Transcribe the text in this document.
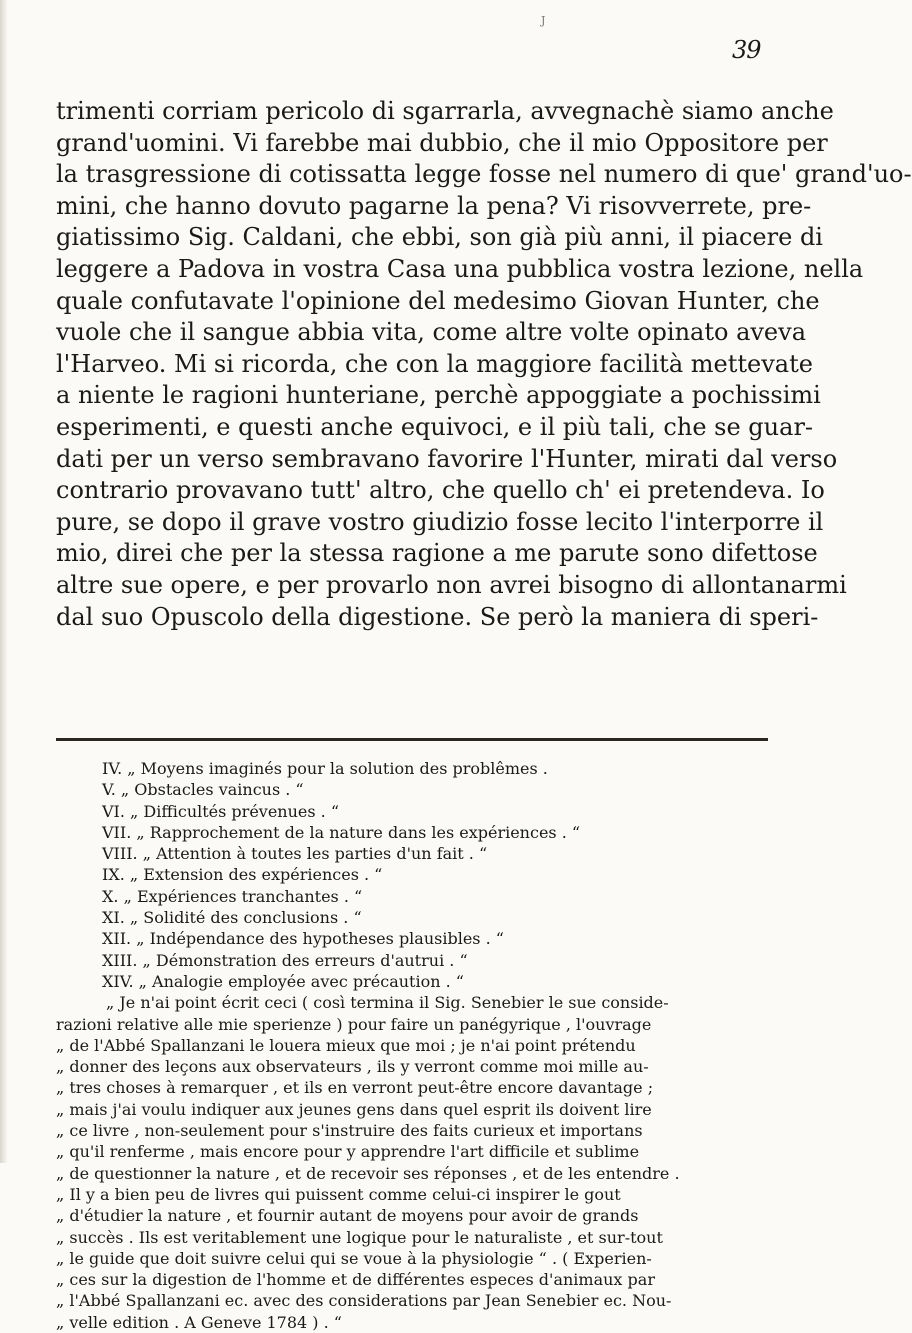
J
39
trimenti corriam pericolo di sgarrarla, avvegnachè siamo anche
grand'uomini. Vi farebbe mai dubbio, che il mio Oppositore per
la trasgressione di cotissatta legge fosse nel numero di que' grand'uo-
mini, che hanno dovuto pagarne la pena? Vi risovverrete, pre-
giatissimo Sig. Caldani, che ebbi, son già più anni, il piacere di
leggere a Padova in vostra Casa una pubblica vostra lezione, nella
quale confutavate l'opinione del medesimo Giovan Hunter, che
vuole che il sangue abbia vita, come altre volte opinato aveva
l'Harveo. Mi si ricorda, che con la maggiore facilità mettevate
a niente le ragioni hunteriane, perchè appoggiate a pochissimi
esperimenti, e questi anche equivoci, e il più tali, che se guar-
dati per un verso sembravano favorire l'Hunter, mirati dal verso
contrario provavano tutt' altro, che quello ch' ei pretendeva. Io
pure, se dopo il grave vostro giudizio fosse lecito l'interporre il
mio, direi che per la stessa ragione a me parute sono difettose
altre sue opere, e per provarlo non avrei bisogno di allontanarmi
dal suo Opuscolo della digestione. Se però la maniera di speri-
IV. „ Moyens imaginés pour la solution des problêmes .
V. „ Obstacles vaincus . “
VI. „ Difficultés prévenues . “
VII. „ Rapprochement de la nature dans les expériences . “
VIII. „ Attention à toutes les parties d'un fait . “
IX. „ Extension des expériences . “
X. „ Expériences tranchantes . “
XI. „ Solidité des conclusions . “
XII. „ Indépendance des hypotheses plausibles . “
XIII. „ Démonstration des erreurs d'autrui . “
XIV. „ Analogie employée avec précaution . “
„ Je n'ai point écrit ceci ( così termina il Sig. Senebier le sue conside-
razioni relative alle mie sperienze ) pour faire un panégyrique , l'ouvrage
„ de l'Abbé Spallanzani le louera mieux que moi ; je n'ai point prétendu
„ donner des leçons aux observateurs , ils y verront comme moi mille au-
„ tres choses à remarquer , et ils en verront peut-être encore davantage ;
„ mais j'ai voulu indiquer aux jeunes gens dans quel esprit ils doivent lire
„ ce livre , non-seulement pour s'instruire des faits curieux et importans
„ qu'il renferme , mais encore pour y apprendre l'art difficile et sublime
„ de questionner la nature , et de recevoir ses réponses , et de les entendre .
„ Il y a bien peu de livres qui puissent comme celui-ci inspirer le gout
„ d'étudier la nature , et fournir autant de moyens pour avoir de grands
„ succès . Ils est veritablement une logique pour le naturaliste , et sur-tout
„ le guide que doit suivre celui qui se voue à la physiologie “ . ( Experien-
„ ces sur la digestion de l'homme et de différentes especes d'animaux par
„ l'Abbé Spallanzani ec. avec des considerations par Jean Senebier ec. Nou-
„ velle edition . A Geneve 1784 ) . “
